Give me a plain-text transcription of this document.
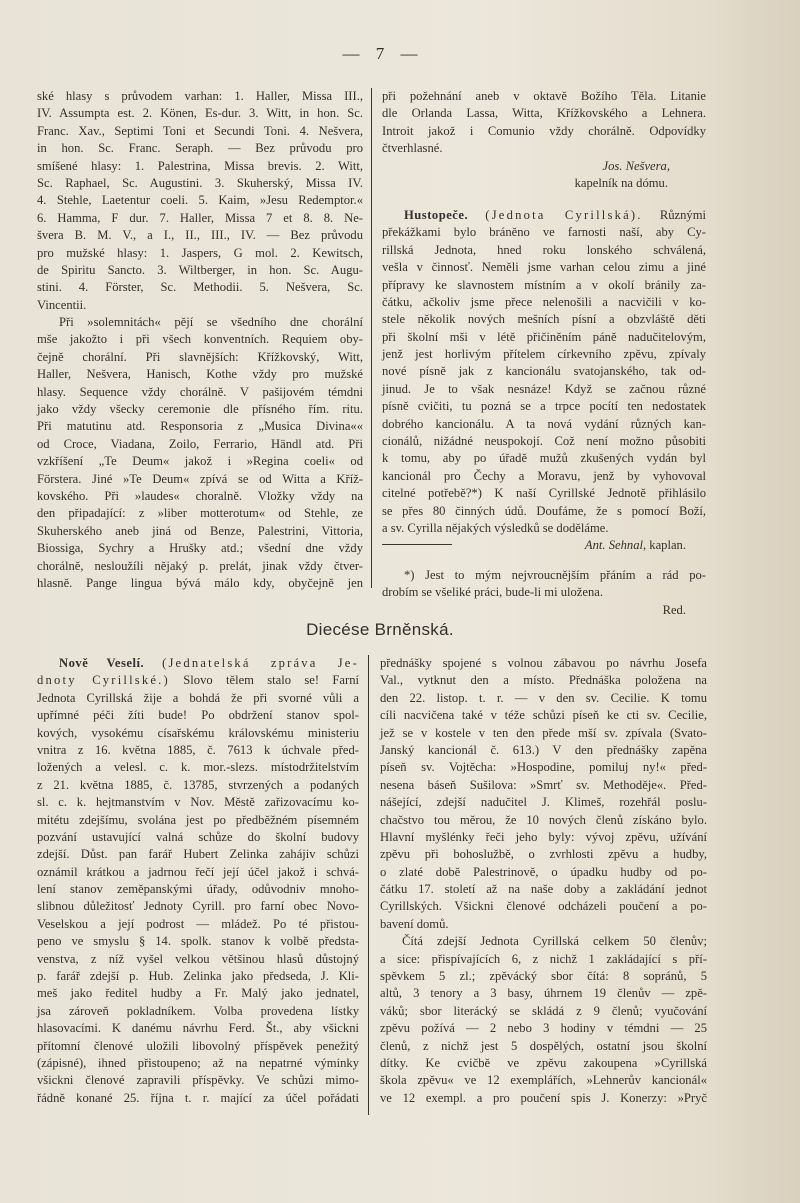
— 7 —
ské hlasy s průvodem varhan: 1. Haller, Missa III.,
IV. Assumpta est. 2. Könen, Es-dur. 3. Witt, in hon. Sc.
Franc. Xav., Septimi Toni et Secundi Toni. 4. Nešvera,
in hon. Sc. Franc. Seraph. — Bez průvodu pro
smíšené hlasy: 1. Palestrina, Missa brevis. 2. Witt,
Sc. Raphael, Sc. Augustini. 3. Skuherský, Missa IV.
4. Stehle, Laetentur coeli. 5. Kaim, »Jesu Redemptor.«
6. Hamma, F dur. 7. Haller, Missa 7 et 8. 8. Ne-
švera B. M. V., a I., II., III., IV. — Bez průvodu
pro mužské hlasy: 1. Jaspers, G mol. 2. Kewitsch,
de Spiritu Sancto. 3. Wiltberger, in hon. Sc. Augu-
stini. 4. Förster, Sc. Methodii. 5. Nešvera, Sc.
Vincentii.
Při »solemnitách« pějí se všedního dne chorální
mše jakožto i při všech konventních. Requiem oby-
čejně chorální. Při slavnějších: Křížkovský, Witt,
Haller, Nešvera, Hanisch, Kothe vždy pro mužské
hlasy. Sequence vždy chorálně. V pašijovém témdni
jako vždy všecky ceremonie dle přísného řím. ritu.
Při matutinu atd. Responsoria z „Musica Divina««
od Croce, Viadana, Zoilo, Ferrario, Händl atd. Při
vzkříšení „Te Deum« jakož i »Regina coeli« od
Förstera. Jiné »Te Deum« zpívá se od Witta a Kříž-
kovského. Při »laudes« choralně. Vložky vždy na
den připadající: z »liber motterotum« od Stehle, ze
Skuherského aneb jiná od Benze, Palestrini, Vittoria,
Biossiga, Sychry a Hrušky atd.; všední dne vždy
chorálně, nesloužíli nějaký p. prelát, jinak vždy čtver-
hlasně. Pange lingua bývá málo kdy, obyčejně jen
při požehnání aneb v oktavě Božího Těla. Litanie
dle Orlanda Lassa, Witta, Křížkovského a Lehnera.
Introit jakož i Comunio vždy chorálně. Odpovídky
čtverhlasné.
Jos. Nešvera,
kapelník na dómu.
Hustopeče. (Jednota Cyrillská). Různými
překážkami bylo bráněno ve farnosti naší, aby Cy-
rillská Jednota, hned roku lonského schválená,
vešla v činnosť. Neměli jsme varhan celou zimu a jiné
přípravy ke slavnostem místním a v okolí bránily za-
čátku, ačkoliv jsme přece nelenošili a nacvičili v ko-
stele několik nových mešních písní a obzvláště děti
při školní mši v létě přičiněním páně nadučitelovým,
jenž jest horlivým přítelem církevního zpěvu, zpívaly
nové písně jak z kancionálu svatojanského, tak od-
jinud. Je to však nesnáze! Když se začnou různé
písně cvičiti, tu pozná se a trpce pocítí ten nedostatek
dobrého kancionálu. A ta nová vydání různých kan-
cionálů, nižádné neuspokojí. Což není možno působiti
k tomu, aby po úřadě mužů zkušených vydán byl
kancionál pro Čechy a Moravu, jenž by vyhovoval
citelné potřebě?*) K naší Cyrillské Jednotě přihlásilo
se přes 80 činných údů. Doufáme, že s pomocí Boží,
a sv. Cyrilla nějakých výsledků se doděláme.
Ant. Sehnal, kaplan.
*) Jest to mým nejvroucnějším přáním a rád po-
drobím se všeliké práci, bude-li mi uložena.
Red.
Diecése Brněnská.
Nově Veselí. (Jednatelská zpráva Je-
dnoty Cyrillské.) Slovo tělem stalo se! Farní
Jednota Cyrillská žije a bohdá že při svorné vůli a
upřímné péči žíti bude! Po obdržení stanov spol-
kových, vysokému císařskému královskému ministeriu
vnitra z 16. května 1885, č. 7613 k úchvale před-
ložených a velesl. c. k. mor.-slezs. místodržitelstvím
z 21. května 1885, č. 13785, stvrzených a podaných
sl. c. k. hejtmanstvím v Nov. Městě zařizovacímu ko-
mitétu zdejšímu, svolána jest po předběžném písemném
pozvání ustavující valná schůze do školní budovy
zdejší. Důst. pan farář Hubert Zelinka zahájiv schůzi
oznámil krátkou a jadrnou řečí její účel jakož i schvá-
lení stanov zeměpanskými úřady, odůvodniv mnoho-
slibnou důležitosť Jednoty Cyrill. pro farní obec Novo-
Veselskou a její podrost — mládež. Po té přistou-
peno ve smyslu § 14. spolk. stanov k volbě předsta-
venstva, z níž vyšel velkou většinou hlasů důstojný
p. farář zdejší p. Hub. Zelinka jako předseda, J. Kli-
meš jako ředitel hudby a Fr. Malý jako jednatel,
jsa zároveň pokladníkem. Volba provedena lístky
hlasovacími. K danému návrhu Ferd. Št., aby všickni
přítomní členové uložili libovolný příspěvek penežitý
(zápisné), ihned přistoupeno; až na nepatrné výminky
všickni členové zapravili příspěvky. Ve schůzi mimo-
řádně konané 25. října t. r. mající za účel pořádati
přednášky spojené s volnou zábavou po návrhu Josefa
Val., vytknut den a místo. Přednáška položena na
den 22. listop. t. r. — v den sv. Cecilie. K tomu
cíli nacvičena také v téže schůzi píseň ke cti sv. Cecilie,
jež se v kostele v ten den přede mší sv. zpívala (Svato-
Janský kancionál č. 613.) V den přednášky zapěna
píseň sv. Vojtěcha: »Hospodine, pomiluj ny!« před-
nesena báseň Sušilova: »Smrť sv. Methoděje«. Před-
nášející, zdejší nadučitel J. Klimeš, rozehřál poslu-
chačstvo tou měrou, že 10 nových členů získáno bylo.
Hlavní myšlénky řeči jeho byly: vývoj zpěvu, užívání
zpěvu při bohoslužbě, o zvrhlosti zpěvu a hudby,
o zlaté době Palestrinově, o úpadku hudby od po-
čátku 17. století až na naše doby a zakládání jednot
Cyrillských. Všickni členové odcházeli poučení a po-
bavení domů.
Čítá zdejší Jednota Cyrillská celkem 50 členův;
a sice: přispívajících 6, z nichž 1 zakládající s pří-
spěvkem 5 zl.; zpěvácký sbor čítá: 8 sopránů, 5
altů, 3 tenory a 3 basy, úhrnem 19 členův — zpě-
váků; sbor literácký se skládá z 9 členů; vyučování
zpěvu požívá — 2 nebo 3 hodiny v témdni — 25
členů, z nichž jest 5 dospělých, ostatní jsou školní
dítky. Ke cvičbě ve zpěvu zakoupena »Cyrillská
škola zpěvu« ve 12 exemplářích, »Lehnerův kancionál«
ve 12 exempl. a pro poučení spis J. Konerzy: »Pryč
